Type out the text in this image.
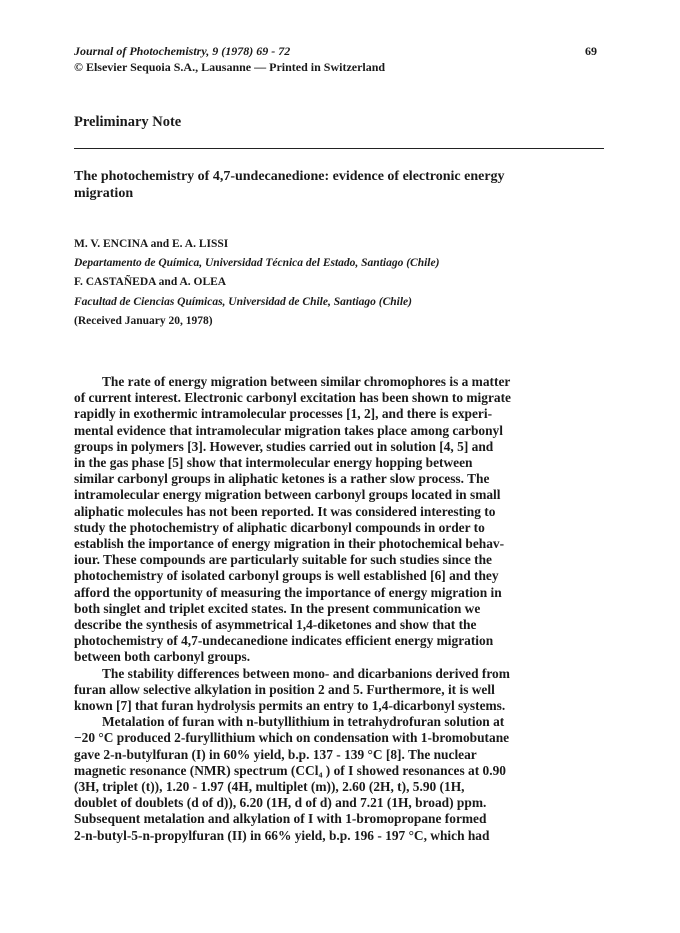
Journal of Photochemistry, 9 (1978) 69 - 72	69
© Elsevier Sequoia S.A., Lausanne — Printed in Switzerland
Preliminary Note
The photochemistry of 4,7-undecanedione: evidence of electronic energy
migration
M. V. ENCINA and E. A. LISSI
Departamento de Química, Universidad Técnica del Estado, Santiago (Chile)
F. CASTAÑEDA and A. OLEA
Facultad de Ciencias Químicas, Universidad de Chile, Santiago (Chile)
(Received January 20, 1978)
The rate of energy migration between similar chromophores is a matter
of current interest. Electronic carbonyl excitation has been shown to migrate
rapidly in exothermic intramolecular processes [1, 2], and there is experi-
mental evidence that intramolecular migration takes place among carbonyl
groups in polymers [3]. However, studies carried out in solution [4, 5] and
in the gas phase [5] show that intermolecular energy hopping between
similar carbonyl groups in aliphatic ketones is a rather slow process. The
intramolecular energy migration between carbonyl groups located in small
aliphatic molecules has not been reported. It was considered interesting to
study the photochemistry of aliphatic dicarbonyl compounds in order to
establish the importance of energy migration in their photochemical behav-
iour. These compounds are particularly suitable for such studies since the
photochemistry of isolated carbonyl groups is well established [6] and they
afford the opportunity of measuring the importance of energy migration in
both singlet and triplet excited states. In the present communication we
describe the synthesis of asymmetrical 1,4-diketones and show that the
photochemistry of 4,7-undecanedione indicates efficient energy migration
between both carbonyl groups.
The stability differences between mono- and dicarbanions derived from
furan allow selective alkylation in position 2 and 5. Furthermore, it is well
known [7] that furan hydrolysis permits an entry to 1,4-dicarbonyl systems.
Metalation of furan with n-butyllithium in tetrahydrofuran solution at
−20 °C produced 2-furyllithium which on condensation with 1-bromobutane
gave 2-n-butylfuran (I) in 60% yield, b.p. 137 - 139 °C [8]. The nuclear
magnetic resonance (NMR) spectrum (CCl₄ ) of I showed resonances at 0.90
(3H, triplet (t)), 1.20 - 1.97 (4H, multiplet (m)), 2.60 (2H, t), 5.90 (1H,
doublet of doublets (d of d)), 6.20 (1H, d of d) and 7.21 (1H, broad) ppm.
Subsequent metalation and alkylation of I with 1-bromopropane formed
2-n-butyl-5-n-propylfuran (II) in 66% yield, b.p. 196 - 197 °C, which had
